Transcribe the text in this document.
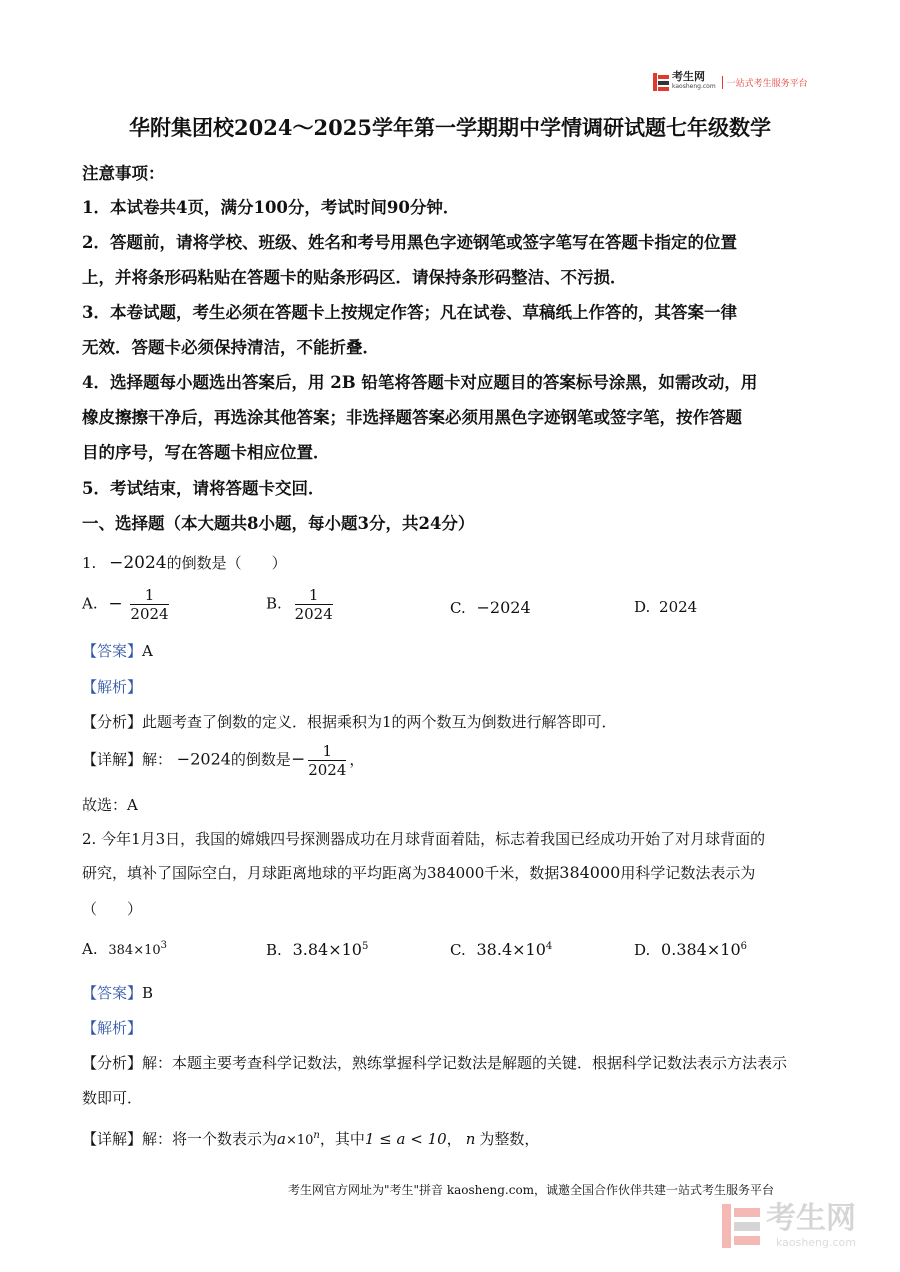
考生网
kaosheng.com	一站式考生服务平台
华附集团校2024～2025学年第一学期期中学情调研试题七年级数学
注意事项：
1．本试卷共4页，满分100分，考试时间90分钟．
2．答题前，请将学校、班级、姓名和考号用黑色字迹钢笔或签字笔写在答题卡指定的位置
上，并将条形码粘贴在答题卡的贴条形码区．请保持条形码整洁、不污损．
3．本卷试题，考生必须在答题卡上按规定作答；凡在试卷、草稿纸上作答的，其答案一律
无效．答题卡必须保持清洁，不能折叠．
4．选择题每小题选出答案后，用 2B 铅笔将答题卡对应题目的答案标号涂黑，如需改动，用
橡皮擦擦干净后，再选涂其他答案；非选择题答案必须用黑色字迹钢笔或签字笔，按作答题
目的序号，写在答题卡相应位置．
5．考试结束，请将答题卡交回．
一、选择题（本大题共8小题，每小题3分，共24分）
1. −2024的倒数是（　　）
A. − $\frac{1}{2024}$	B. $\frac{1}{2024}$	C. −2024	D. 2024
【答案】A
【解析】
【分析】此题考查了倒数的定义．根据乘积为1的两个数互为倒数进行解答即可．
【详解】解： −2024的倒数是− $\frac{1}{2024}$ ，
故选：A
2. 今年1月3日，我国的嫦娥四号探测器成功在月球背面着陆，标志着我国已经成功开始了对月球背面的
研究，填补了国际空白，月球距离地球的平均距离为384000千米，数据384000用科学记数法表示为
（　　）
A. $384\times 10^3$	B. $3.84\times 10^5$	C. $38.4\times 10^4$	D. $0.384\times 10^6$
【答案】B
【解析】
【分析】解：本题主要考查科学记数法，熟练掌握科学记数法是解题的关键．根据科学记数法表示方法表示
数即可．
【详解】解：将一个数表示为$a\times 10^n$，其中1 ≤ a < 10， n 为整数，
考生网官方网址为"考生"拼音 kaosheng.com，诚邀全国合作伙伴共建一站式考生服务平台
考生网
kaosheng.com
